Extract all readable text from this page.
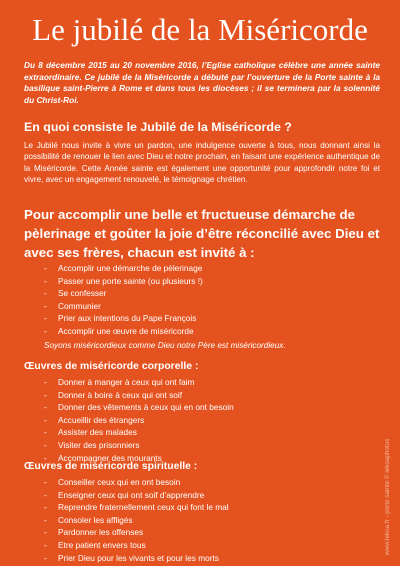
Le jubilé de la Miséricorde
Du 8 décembre 2015 au 20 novembre 2016, l’Eglise catholique célèbre une année sainte extraordinaire. Ce jubilé de la Miséricorde a débuté par l’ouverture de la Porte sainte à la basilique saint-Pierre à Rome et dans tous les diocèses ; il se terminera par la solennité du Christ-Roi.
En quoi consiste le Jubilé de la Miséricorde ?
Le Jubilé nous invite à vivre un pardon, une indulgence ouverte à tous, nous donnant ainsi la possibilité de renouer le lien avec Dieu et notre prochain, en faisant une expérience authentique de la Miséricorde. Cette Année sainte est également une opportunité pour approfondir notre foi et vivre, avec un engagement renouvelé, le témoignage chrétien.
Pour accomplir une belle et fructueuse démarche de pèlerinage et goûter la joie d’être réconcilié avec Dieu et avec ses frères, chacun est invité à :
- Accomplir une démarche de pèlerinage
- Passer une porte sainte (ou plusieurs !)
- Se confesser
- Communier
- Prier aux intentions du Pape François
- Accomplir une œuvre de miséricorde
Soyons miséricordieux comme Dieu notre Père est miséricordieux.
Œuvres de miséricorde corporelle :
- Donner à manger à ceux qui ont faim
- Donner à boire à ceux qui ont soif
- Donner des vêtements à ceux qui en ont besoin
- Accueillir des étrangers
- Assister des malades
- Visiter des prisonniers
- Accompagner des mourants
Œuvres de miséricorde spirituelle :
- Conseiller ceux qui en ont besoin
- Enseigner ceux qui ont soif d’apprendre
- Reprendre fraternellement ceux qui font le mal
- Consoler les affligés
- Pardonner les offenses
- Etre patient envers tous
- Prier Dieu pour les vivants et pour les morts
www.lekoa.fr - porte sainte © lekoaphotos
